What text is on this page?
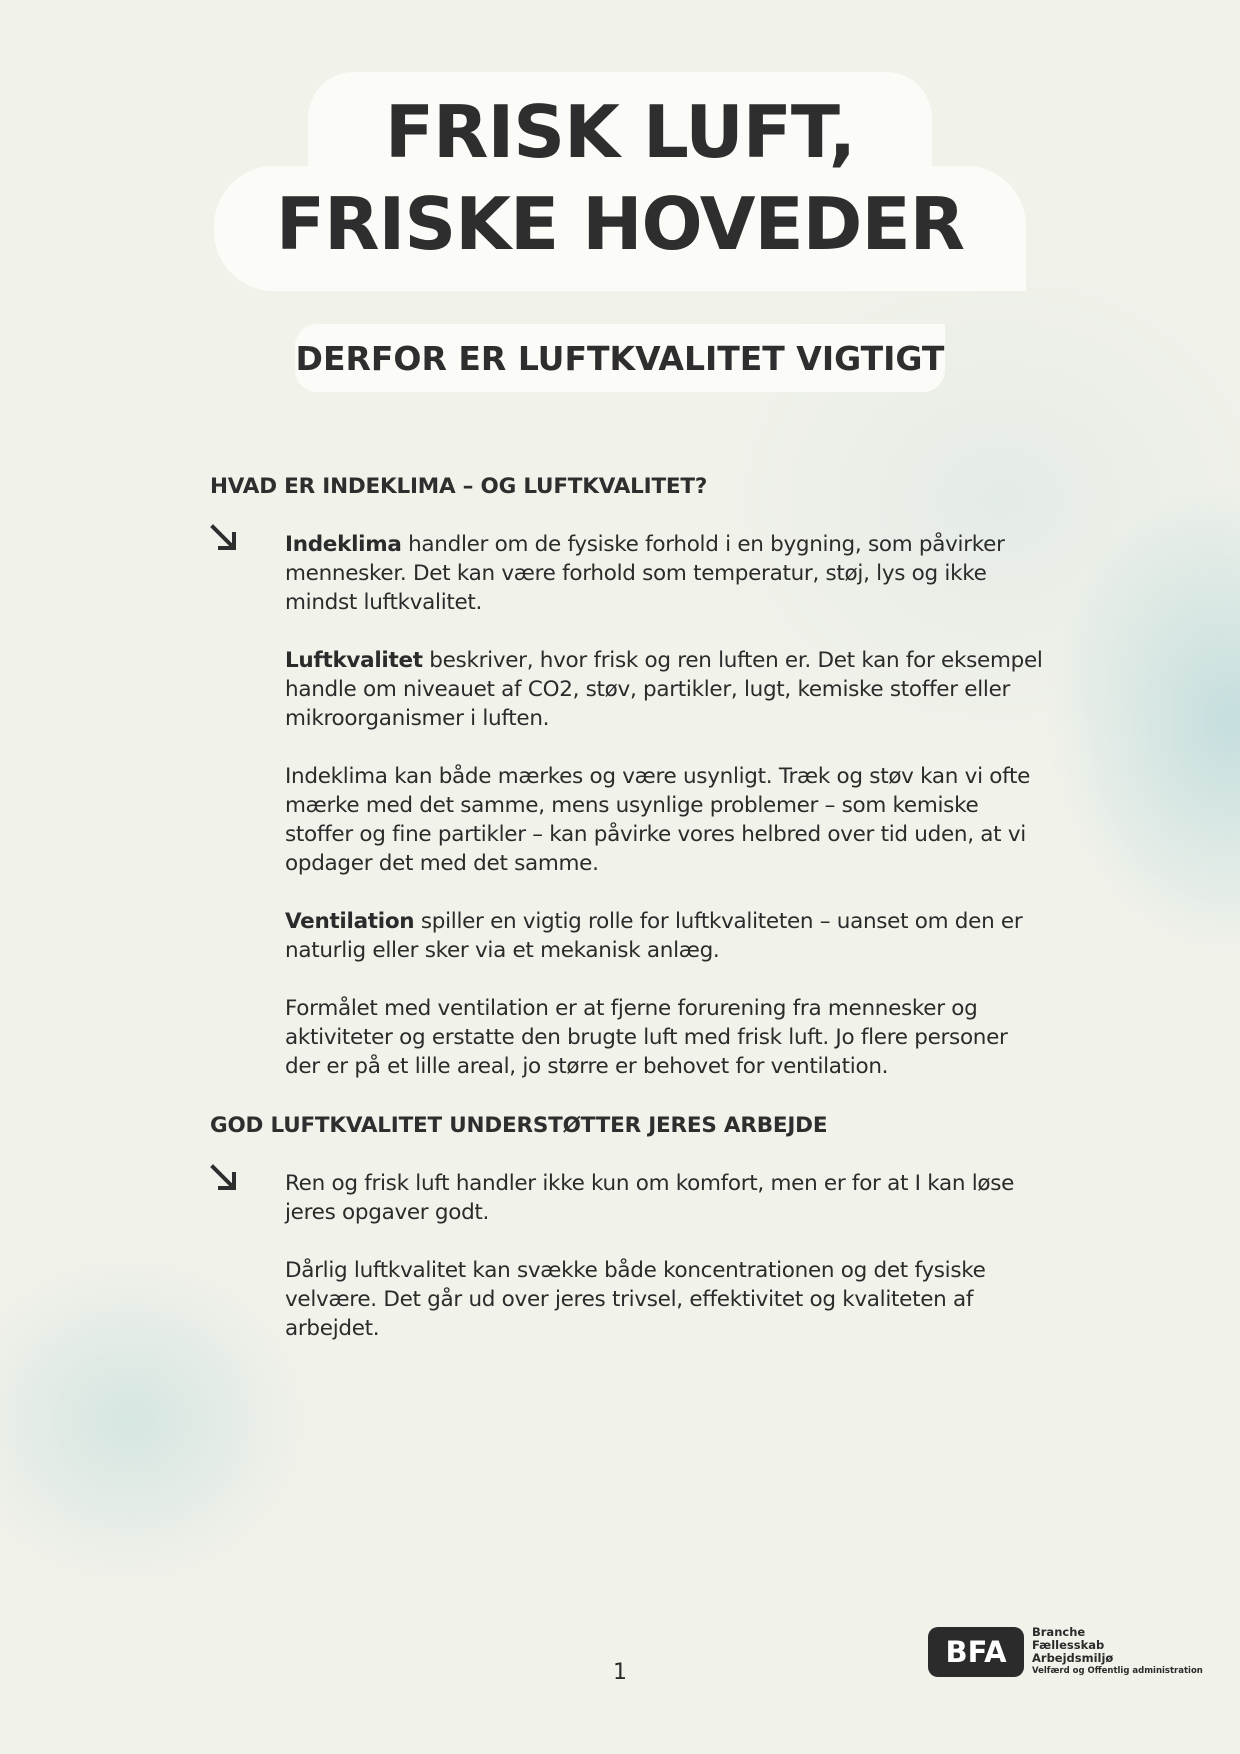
FRISK LUFT,
FRISKE HOVEDER
DERFOR ER LUFTKVALITET VIGTIGT
HVAD ER INDEKLIMA – OG LUFTKVALITET?

Indeklima handler om de fysiske forhold i en bygning, som påvirker mennesker. Det kan være forhold som temperatur, støj, lys og ikke mindst luftkvalitet.

Luftkvalitet beskriver, hvor frisk og ren luften er. Det kan for eksempel handle om niveauet af CO2, støv, partikler, lugt, kemiske stoffer eller mikroorganismer i luften.

Indeklima kan både mærkes og være usynligt. Træk og støv kan vi ofte mærke med det samme, mens usynlige problemer – som kemiske stoffer og fine partikler – kan påvirke vores helbred over tid uden, at vi opdager det med det samme.

Ventilation spiller en vigtig rolle for luftkvaliteten – uanset om den er naturlig eller sker via et mekanisk anlæg.

Formålet med ventilation er at fjerne forurening fra mennesker og aktiviteter og erstatte den brugte luft med frisk luft. Jo flere personer der er på et lille areal, jo større er behovet for ventilation.

GOD LUFTKVALITET UNDERSTØTTER JERES ARBEJDE

Ren og frisk luft handler ikke kun om komfort, men er for at I kan løse jeres opgaver godt.

Dårlig luftkvalitet kan svække både koncentrationen og det fysiske velvære. Det går ud over jeres trivsel, effektivitet og kvaliteten af arbejdet.

1
BFA
Branche
Fællesskab
Arbejdsmiljø
Velfærd og Offentlig administration
